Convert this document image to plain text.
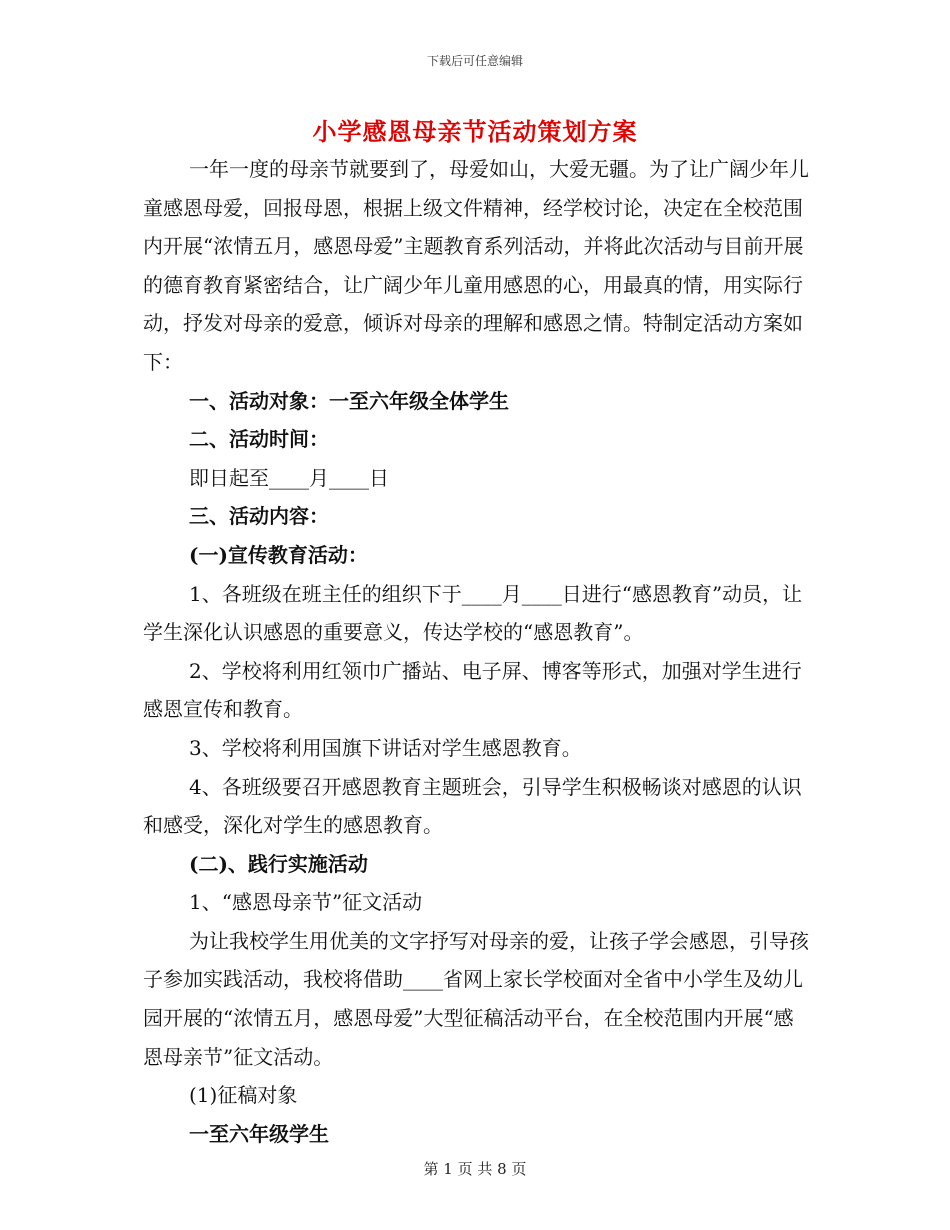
下载后可任意编辑
小学感恩母亲节活动策划方案

一年一度的母亲节就要到了，母爱如山，大爱无疆。为了让广阔少年儿童感恩母爱，回报母恩，根据上级文件精神，经学校讨论，决定在全校范围内开展“浓情五月，感恩母爱”主题教育系列活动，并将此次活动与目前开展的德育教育紧密结合，让广阔少年儿童用感恩的心，用最真的情，用实际行动，抒发对母亲的爱意，倾诉对母亲的理解和感恩之情。特制定活动方案如下：

一、活动对象：一至六年级全体学生

二、活动时间：

即日起至____月____日

三、活动内容：

(一)宣传教育活动：

1、各班级在班主任的组织下于____月____日进行“感恩教育”动员，让学生深化认识感恩的重要意义，传达学校的“感恩教育”。

2、学校将利用红领巾广播站、电子屏、博客等形式，加强对学生进行感恩宣传和教育。

3、学校将利用国旗下讲话对学生感恩教育。

4、各班级要召开感恩教育主题班会，引导学生积极畅谈对感恩的认识和感受，深化对学生的感恩教育。

(二)、践行实施活动

1、“感恩母亲节”征文活动

为让我校学生用优美的文字抒写对母亲的爱，让孩子学会感恩，引导孩子参加实践活动，我校将借助____省网上家长学校面对全省中小学生及幼儿园开展的“浓情五月，感恩母爱”大型征稿活动平台，在全校范围内开展“感恩母亲节”征文活动。

(1)征稿对象

一至六年级学生

第 1 页 共 8 页
